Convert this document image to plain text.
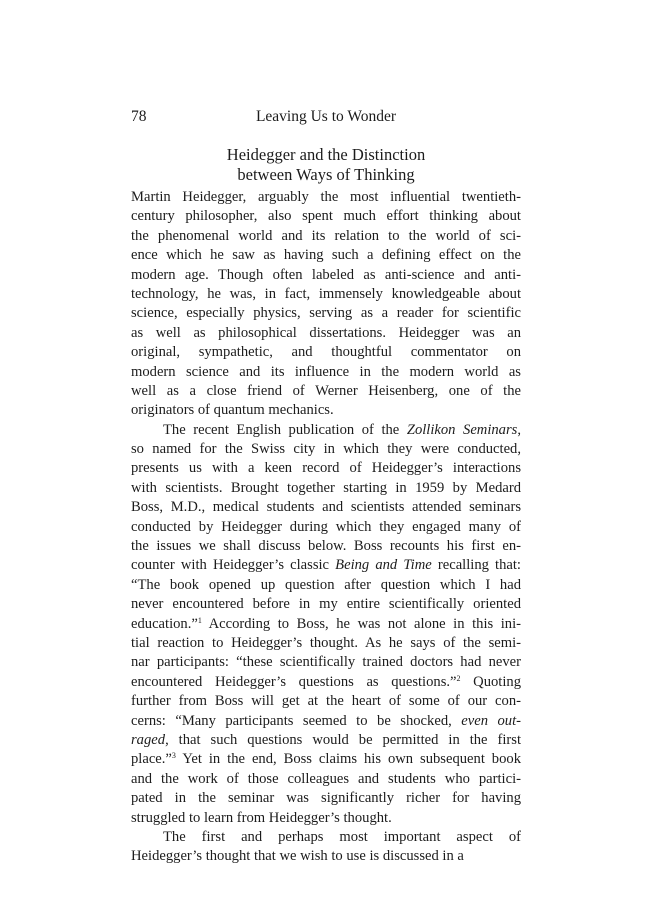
78	Leaving Us to Wonder
Heidegger and the Distinction
between Ways of Thinking

Martin Heidegger, arguably the most influential twentieth-
century philosopher, also spent much effort thinking about
the phenomenal world and its relation to the world of sci-
ence which he saw as having such a defining effect on the
modern age. Though often labeled as anti-science and anti-
technology, he was, in fact, immensely knowledgeable about
science, especially physics, serving as a reader for scientific
as well as philosophical dissertations. Heidegger was an
original, sympathetic, and thoughtful commentator on
modern science and its influence in the modern world as
well as a close friend of Werner Heisenberg, one of the
originators of quantum mechanics.

The recent English publication of the Zollikon Seminars,
so named for the Swiss city in which they were conducted,
presents us with a keen record of Heidegger’s interactions
with scientists. Brought together starting in 1959 by Medard
Boss, M.D., medical students and scientists attended seminars
conducted by Heidegger during which they engaged many of
the issues we shall discuss below. Boss recounts his first en-
counter with Heidegger’s classic Being and Time recalling that:
“The book opened up question after question which I had
never encountered before in my entire scientifically oriented
education.”$^1$ According to Boss, he was not alone in this ini-
tial reaction to Heidegger’s thought. As he says of the semi-
nar participants: “these scientifically trained doctors had never
encountered Heidegger’s questions as questions.”$^2$ Quoting
further from Boss will get at the heart of some of our con-
cerns: “Many participants seemed to be shocked, even out-
raged, that such questions would be permitted in the first
place.”$^3$ Yet in the end, Boss claims his own subsequent book
and the work of those colleagues and students who partici-
pated in the seminar was significantly richer for having
struggled to learn from Heidegger’s thought.

The first and perhaps most important aspect of
Heidegger’s thought that we wish to use is discussed in a
